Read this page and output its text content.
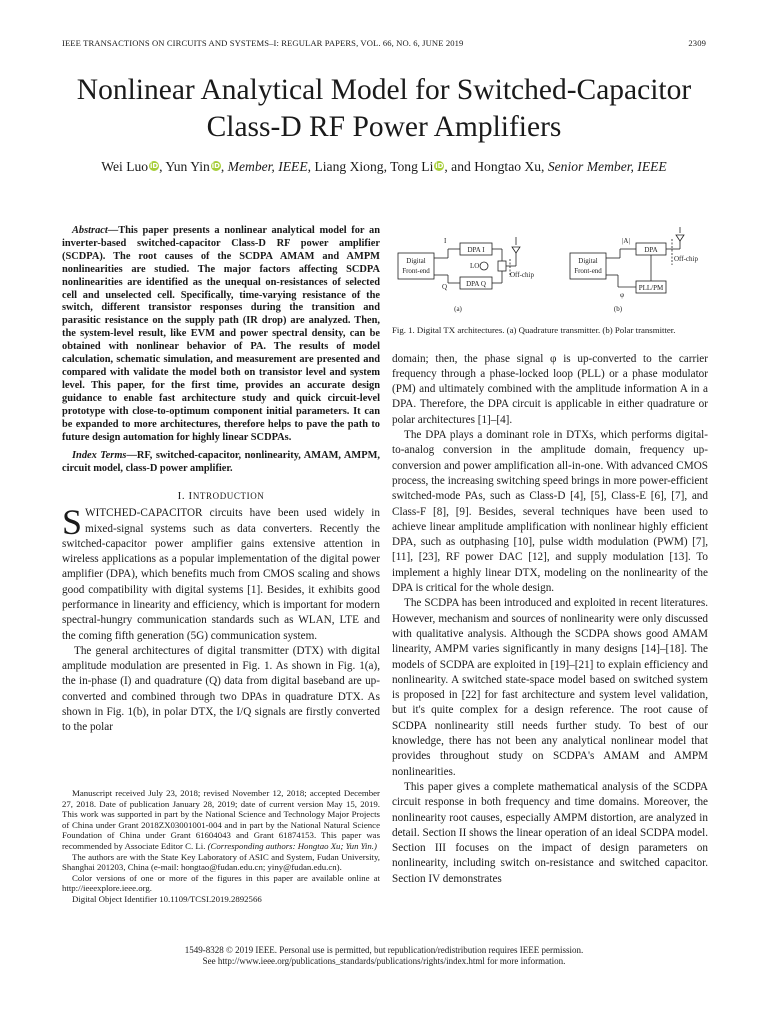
IEEE TRANSACTIONS ON CIRCUITS AND SYSTEMS–I: REGULAR PAPERS, VOL. 66, NO. 6, JUNE 2019	2309
Nonlinear Analytical Model for Switched-Capacitor
Class-D RF Power Amplifiers
Wei Luo iD, Yun Yin iD, Member, IEEE, Liang Xiong, Tong Li iD, and Hongtao Xu, Senior Member, IEEE

Abstract—This paper presents a nonlinear analytical model for an inverter-based switched-capacitor Class-D RF power amplifier (SCDPA). The root causes of the SCDPA AMAM and AMPM nonlinearities are studied. The major factors affecting SCDPA nonlinearities are identified as the unequal on-resistances of selected cell and unselected cell. Specifically, time-varying resistance of the switch, different transistor responses during the transition and parasitic resistance on the supply path (IR drop) are analyzed. Then, the system-level result, like EVM and power spectral density, can be obtained with nonlinear behavior of PA. The results of model calculation, schematic simulation, and measurement are presented and compared with validate the model both on transistor level and system level. This paper, for the first time, provides an accurate design guidance to enable fast architecture study and quick circuit-level prototype with close-to-optimum component initial parameters. It can be expanded to more architectures, therefore helps to pave the path to future design automation for highly linear SCDPAs.

Index Terms—RF, switched-capacitor, nonlinearity, AMAM, AMPM, circuit model, class-D power amplifier.

I. INTRODUCTION

SWITCHED-CAPACITOR circuits have been used widely in mixed-signal systems such as data converters. Recently the switched-capacitor power amplifier gains extensive attention in wireless applications as a popular implementation of the digital power amplifier (DPA), which benefits much from CMOS scaling and shows good compatibility with digital systems [1]. Besides, it exhibits good performance in linearity and efficiency, which is important for modern spectral-hungry communication standards such as WLAN, LTE and the coming fifth generation (5G) communication system.

The general architectures of digital transmitter (DTX) with digital amplitude modulation are presented in Fig. 1. As shown in Fig. 1(a), the in-phase (I) and quadrature (Q) data from digital baseband are up-converted and combined through two DPAs in quadrature DTX. As shown in Fig. 1(b), in polar DTX, the I/Q signals are firstly converted to the polar

Manuscript received July 23, 2018; revised November 12, 2018; accepted December 27, 2018. Date of publication January 28, 2019; date of current version May 15, 2019. This work was supported in part by the National Science and Technology Major Projects of China under Grant 2018ZX03001001-004 and in part by the National Natural Science Foundation of China under Grant 61604043 and Grant 61874153. This paper was recommended by Associate Editor C. Li. (Corresponding authors: Hongtao Xu; Yun Yin.)

The authors are with the State Key Laboratory of ASIC and System, Fudan University, Shanghai 201203, China (e-mail: hongtao@fudan.edu.cn; yiny@fudan.edu.cn).

Color versions of one or more of the figures in this paper are available online at http://ieeexplore.ieee.org.

Digital Object Identifier 10.1109/TCSI.2019.2892566

Digital
Front-end
I
Q
DPA I
DPA Q
LO
Off-chip
(a)
Digital
Front-end
|A|
φ
DPA
PLL/PM
Off-chip
(b)

Fig. 1. Digital TX architectures. (a) Quadrature transmitter. (b) Polar transmitter.

domain; then, the phase signal φ is up-converted to the carrier frequency through a phase-locked loop (PLL) or a phase modulator (PM) and ultimately combined with the amplitude information A in a DPA. Therefore, the DPA circuit is applicable in either quadrature or polar architectures [1]–[4].

The DPA plays a dominant role in DTXs, which performs digital-to-analog conversion in the amplitude domain, frequency up-conversion and power amplification all-in-one. With advanced CMOS process, the increasing switching speed brings in more power-efficient switched-mode PAs, such as Class-D [4], [5], Class-E [6], [7], and Class-F [8], [9]. Besides, several techniques have been used to achieve linear amplitude amplification with nonlinear highly efficient DPA, such as outphasing [10], pulse width modulation (PWM) [7], [11], [23], RF power DAC [12], and supply modulation [13]. To implement a highly linear DTX, modeling on the nonlinearity of the DPA is critical for the whole design.

The SCDPA has been introduced and exploited in recent literatures. However, mechanism and sources of nonlinearity were only discussed with qualitative analysis. Although the SCDPA shows good AMAM linearity, AMPM varies significantly in many designs [14]–[18]. The models of SCDPA are exploited in [19]–[21] to explain efficiency and nonlinearity. A switched state-space model based on switched system is proposed in [22] for fast architecture and system level validation, but it's quite complex for a design reference. The root cause of SCDPA nonlinearity still needs further study. To best of our knowledge, there has not been any analytical nonlinear model that provides throughout study on SCDPA's AMAM and AMPM nonlinearities.

This paper gives a complete mathematical analysis of the SCDPA circuit response in both frequency and time domains. Moreover, the nonlinearity root causes, especially AMPM distortion, are analyzed in detail. Section II shows the linear operation of an ideal SCDPA model. Section III focuses on the impact of design parameters on nonlinearity, including switch on-resistance and switched capacitor. Section IV demonstrates

1549-8328 © 2019 IEEE. Personal use is permitted, but republication/redistribution requires IEEE permission.

See http://www.ieee.org/publications_standards/publications/rights/index.html for more information.
